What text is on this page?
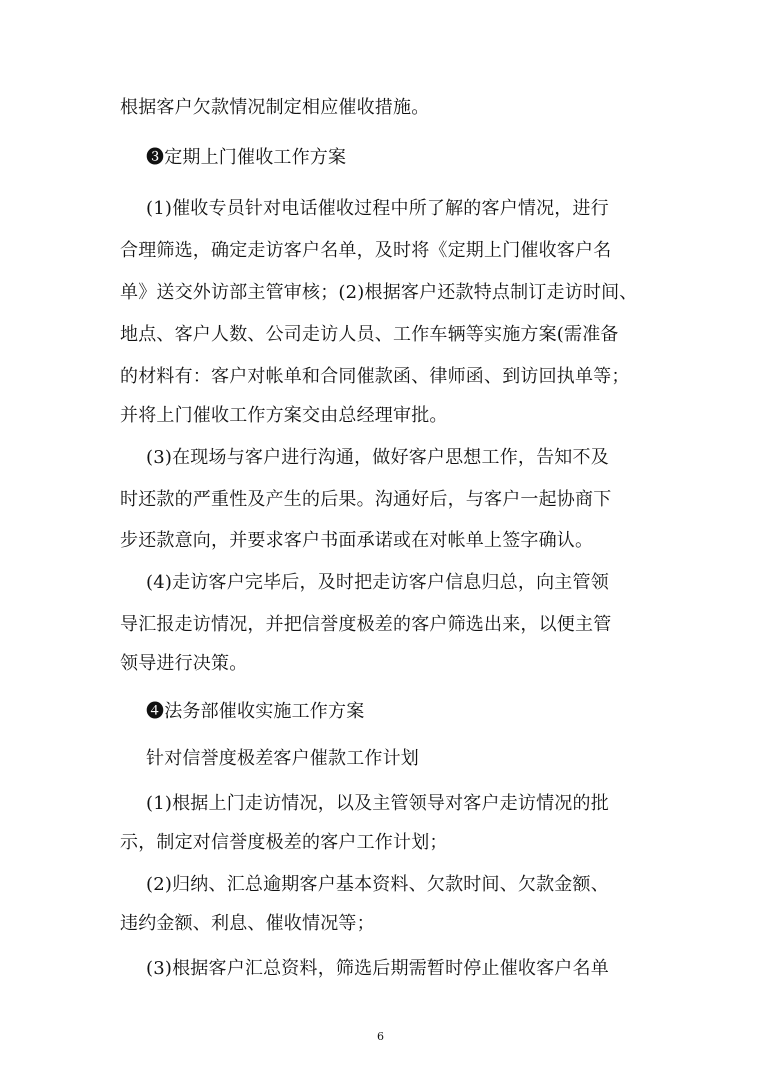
根据客户欠款情况制定相应催收措施。
❸定期上门催收工作方案
(1)催收专员针对电话催收过程中所了解的客户情况，进行
合理筛选，确定走访客户名单，及时将《定期上门催收客户名
单》送交外访部主管审核；(2)根据客户还款特点制订走访时间、
地点、客户人数、公司走访人员、工作车辆等实施方案(需准备
的材料有：客户对帐单和合同催款函、律师函、到访回执单等；
并将上门催收工作方案交由总经理审批。
(3)在现场与客户进行沟通，做好客户思想工作，告知不及
时还款的严重性及产生的后果。沟通好后，与客户一起协商下
步还款意向，并要求客户书面承诺或在对帐单上签字确认。
(4)走访客户完毕后，及时把走访客户信息归总，向主管领
导汇报走访情况，并把信誉度极差的客户筛选出来，以便主管
领导进行决策。
❹法务部催收实施工作方案
针对信誉度极差客户催款工作计划
(1)根据上门走访情况，以及主管领导对客户走访情况的批
示，制定对信誉度极差的客户工作计划；
(2)归纳、汇总逾期客户基本资料、欠款时间、欠款金额、
违约金额、利息、催收情况等；
(3)根据客户汇总资料，筛选后期需暂时停止催收客户名单
6
